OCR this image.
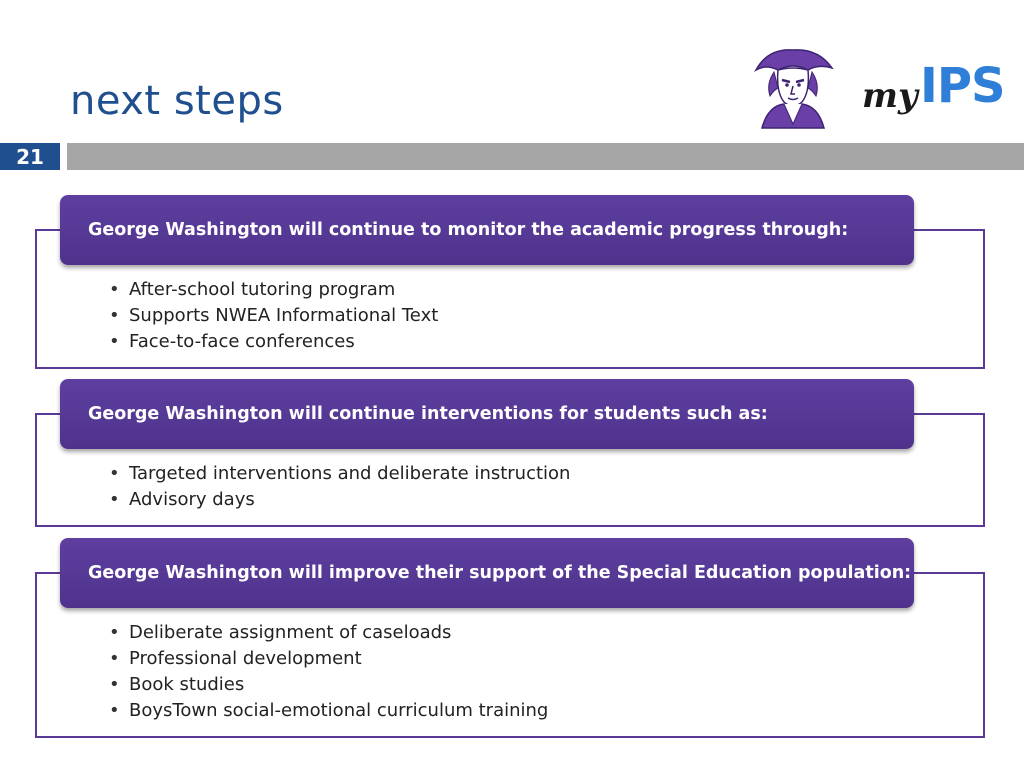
next steps	my IPS
21
George Washington will continue to monitor the academic progress through:
• After-school tutoring program
• Supports NWEA Informational Text
• Face-to-face conferences
George Washington will continue interventions for students such as:
• Targeted interventions and deliberate instruction
• Advisory days
George Washington will improve their support of the Special Education population:
• Deliberate assignment of caseloads
• Professional development
• Book studies
• BoysTown social-emotional curriculum training
